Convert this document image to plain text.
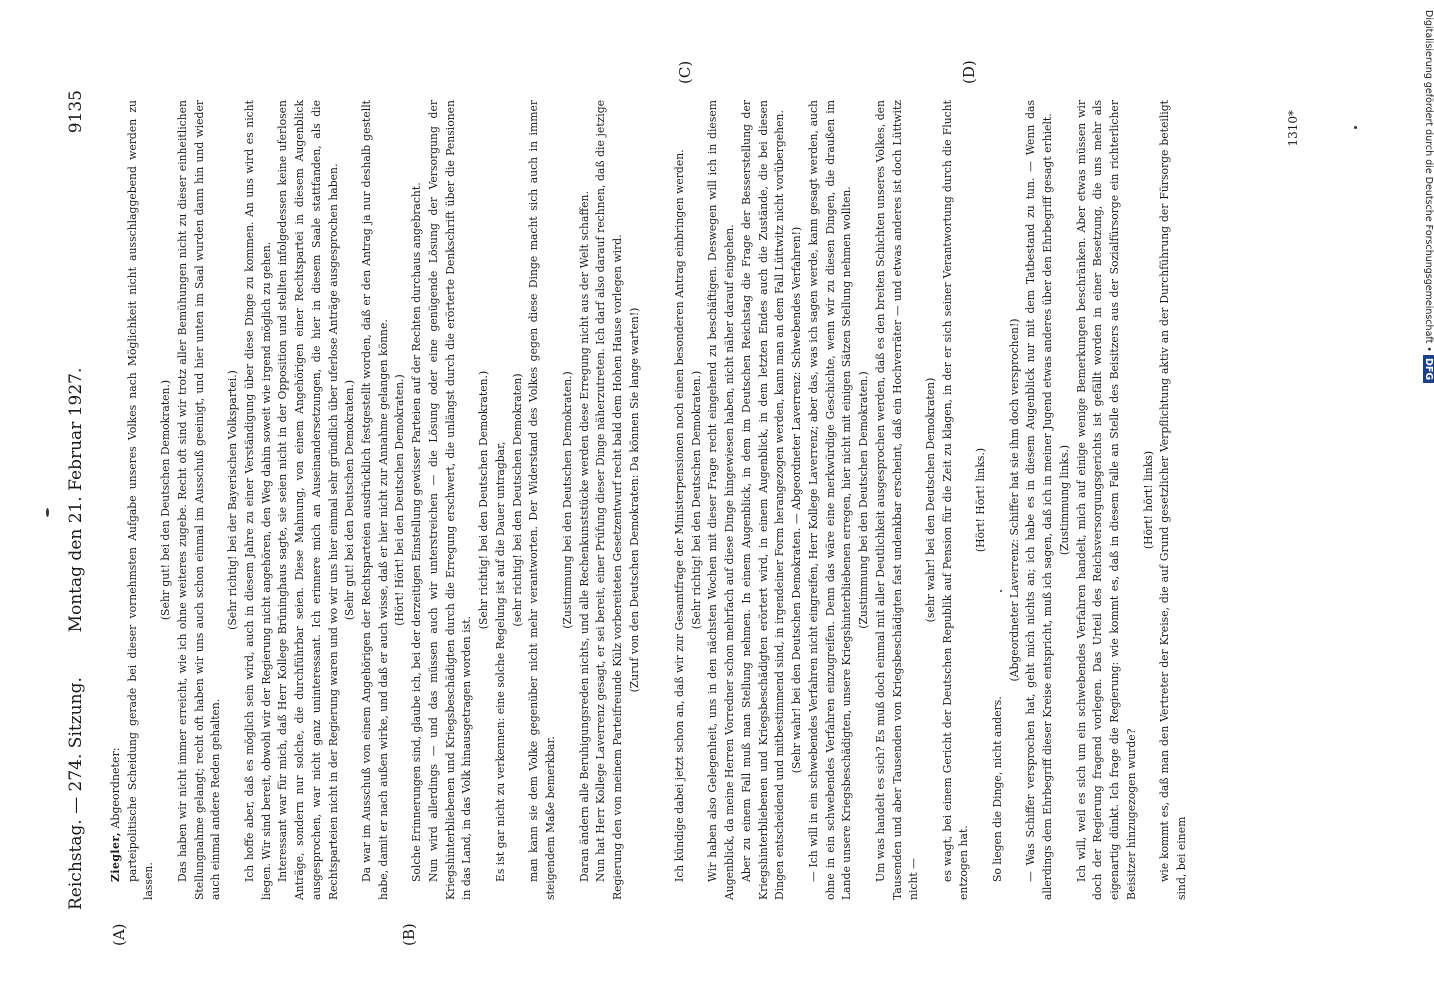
Reichstag. — 274. Sitzung.
Montag den 21. Februar 1927.
9135
(A)	(B)
(C)	(D)

Ziegler, Abgeordneter: parteipolitische Scheidung gerade bei dieser vornehmsten Aufgabe unseres Volkes nach Möglichkeit nicht ausschlaggebend werden zu lassen.

(Sehr gut! bei den Deutschen Demokraten.) Das haben wir nicht immer erreicht, wie ich ohne weiteres zugebe. Recht oft sind wir trotz aller Bemühungen nicht zu dieser einheitlichen Stellungnahme gelangt; recht oft haben wir uns auch schon einmal im Ausschuß geeinigt, und hier unten im Saal wurden dann hin und wieder auch einmal andere Reden gehalten.

(Sehr richtig! bei der Bayerischen Volkspartei.) Ich hoffe aber, daß es möglich sein wird, auch in diesem Jahre zu einer Verständigung über diese Dinge zu kommen. An uns wird es nicht liegen. Wir sind bereit, obwohl wir der Regierung nicht angehören, den Weg dahin soweit wie irgend möglich zu gehen. Interessant war für mich, daß Herr Kollege Brüninghaus sagte, sie seien nicht in der Opposition und stellten infolgedessen keine uferlosen Anträge, sondern nur solche, die durchführbar seien. Diese Mahnung, von einem Angehörigen einer Rechtspartei in diesem Augenblick ausgesprochen, war nicht ganz uninteressant. Ich erinnere mich an Auseinandersetzungen, die hier in diesem Saale stattfanden, als die Rechtsparteien nicht in der Regierung waren und wo wir uns hier einmal sehr gründlich über uferlose Anträge ausgesprochen haben. (Sehr gut! bei den Deutschen Demokraten.) Da war im Ausschuß von einem Angehörigen der Rechtsparteien ausdrücklich festgestellt worden, daß er den Antrag ja nur deshalb gestellt habe, damit er nach außen wirke, und daß er auch wisse, daß er hier nicht zur Annahme gelangen könne. (Hört! Hört! bei den Deutschen Demokraten.) Solche Erinnerungen sind, glaube ich, bei der derzeitigen Einstellung gewisser Parteien auf der Rechten durchaus angebracht. Nun wird allerdings — und das müssen auch wir unterstreichen — die Lösung oder eine genügende Lösung der Versorgung der Kriegshinterbliebenen und Kriegsbeschädigten durch die Erregung erschwert, die unlängst durch die erörterte Denkschrift über die Pensionen in das Land, in das Volk hinausgetragen worden ist.

(Sehr richtig! bei den Deutschen Demokraten.) Es ist gar nicht zu verkennen: eine solche Regelung ist auf die Dauer untragbar, (sehr richtig! bei den Deutschen Demokraten) man kann sie dem Volke gegenüber nicht mehr verantworten. Der Widerstand des Volkes gegen diese Dinge macht sich auch in immer steigendem Maße bemerkbar.

(Zustimmung bei den Deutschen Demokraten.) Daran ändern alle Beruhigungsreden nichts, und alle Rechenkunststücke werden diese Erregung nicht aus der Welt schaffen. Nun hat Herr Kollege Laverrenz gesagt, er sei bereit, einer Prüfung dieser Dinge näherzutreten. Ich darf also darauf rechnen, daß die jetzige Regierung den von meinem Parteifreunde Külz vorbereiteten Gesetzentwurf recht bald dem Hohen Hause vorlegen wird. (Zuruf von den Deutschen Demokraten: Da können Sie lange warten!)	Ich kündige dabei jetzt schon an, daß wir zur Gesamtfrage der Ministerpensionen noch einen besonderen Antrag einbringen werden. (Sehr richtig! bei den Deutschen Demokraten.) Wir haben also Gelegenheit, uns in den nächsten Wochen mit dieser Frage recht eingehend zu beschäftigen. Deswegen will ich in diesem Augenblick, da meine Herren Vorredner schon mehrfach auf diese Dinge hingewiesen haben, nicht näher darauf eingehen. Aber zu einem Fall muß man Stellung nehmen. In einem Augenblick, in dem im Deutschen Reichstag die Frage der Besserstellung der Kriegshinterbliebenen und Kriegsbeschädigten erörtert wird, in einem Augenblick, in dem letzten Endes auch die Zustände, die bei diesen Dingen entscheidend und mitbestimmend sind, in irgendeiner Form herangezogen werden, kann man an dem Fall Lüttwitz nicht vorübergehen. (Sehr wahr! bei den Deutschen Demokraten. — Abgeordneter Laverrenz: Schwebendes Verfahren!) — Ich will in ein schwebendes Verfahren nicht eingreifen, Herr Kollege Laverrenz; aber das, was ich sagen werde, kann gesagt werden, auch ohne in ein schwebendes Verfahren einzugreifen. Denn das wäre eine merkwürdige Geschichte, wenn wir zu diesen Dingen, die draußen im Lande unsere Kriegsbeschädigten, unsere Kriegshinterbliebenen erregen, hier nicht mit einigen Sätzen Stellung nehmen wollten. (Zustimmung bei den Deutschen Demokraten.) Um was handelt es sich? Es muß doch einmal mit aller Deutlichkeit ausgesprochen werden, daß es den breiten Schichten unseres Volkes, den Tausenden und aber Tausenden von Kriegsbeschädigten fast undenkbar erscheint, daß ein Hochverräter — und etwas anderes ist doch Lüttwitz nicht —

(sehr wahr! bei den Deutschen Demokraten) es wagt, bei einem Gericht der Deutschen Republik auf Pension für die Zeit zu klagen, in der er sich seiner Verantwortung durch die Flucht entzogen hat.

(Hört! Hört! links.)

So liegen die Dinge, nicht anders.

(Abgeordneter Laverrenz: Schiffer hat sie ihm doch versprochen!) — Was Schiffer versprochen hat, geht mich nichts an; ich habe es in diesem Augenblick nur mit dem Tatbestand zu tun. — Wenn das allerdings dem Ehrbegriff dieser Kreise entspricht, muß ich sagen, daß ich in meiner Jugend etwas anderes über den Ehrbegriff gesagt erhielt. (Zustimmung links.) Ich will, weil es sich um ein schwebendes Verfahren handelt, mich auf einige wenige Bemerkungen beschränken. Aber etwas müssen wir doch der Regierung fragend vorlegen. Das Urteil des Reichsversorgungsgerichts ist gefällt worden in einer Besetzung, die uns mehr als eigenartig dünkt. Ich frage die Regierung: wie kommt es, daß in diesem Falle an Stelle des Beisitzers aus der Sozialfürsorge ein richterlicher Beisitzer hinzugezogen wurde?

(Hört! hört! links) wie kommt es, daß man den Vertreter der Kreise, die auf Grund gesetzlicher Verpflichtung aktiv an der Durchführung der Fürsorge beteiligt sind, bei einem

1310*	Digitalisierung gefördert durch die Deutsche Forschungsgemeinschaft • DFG
